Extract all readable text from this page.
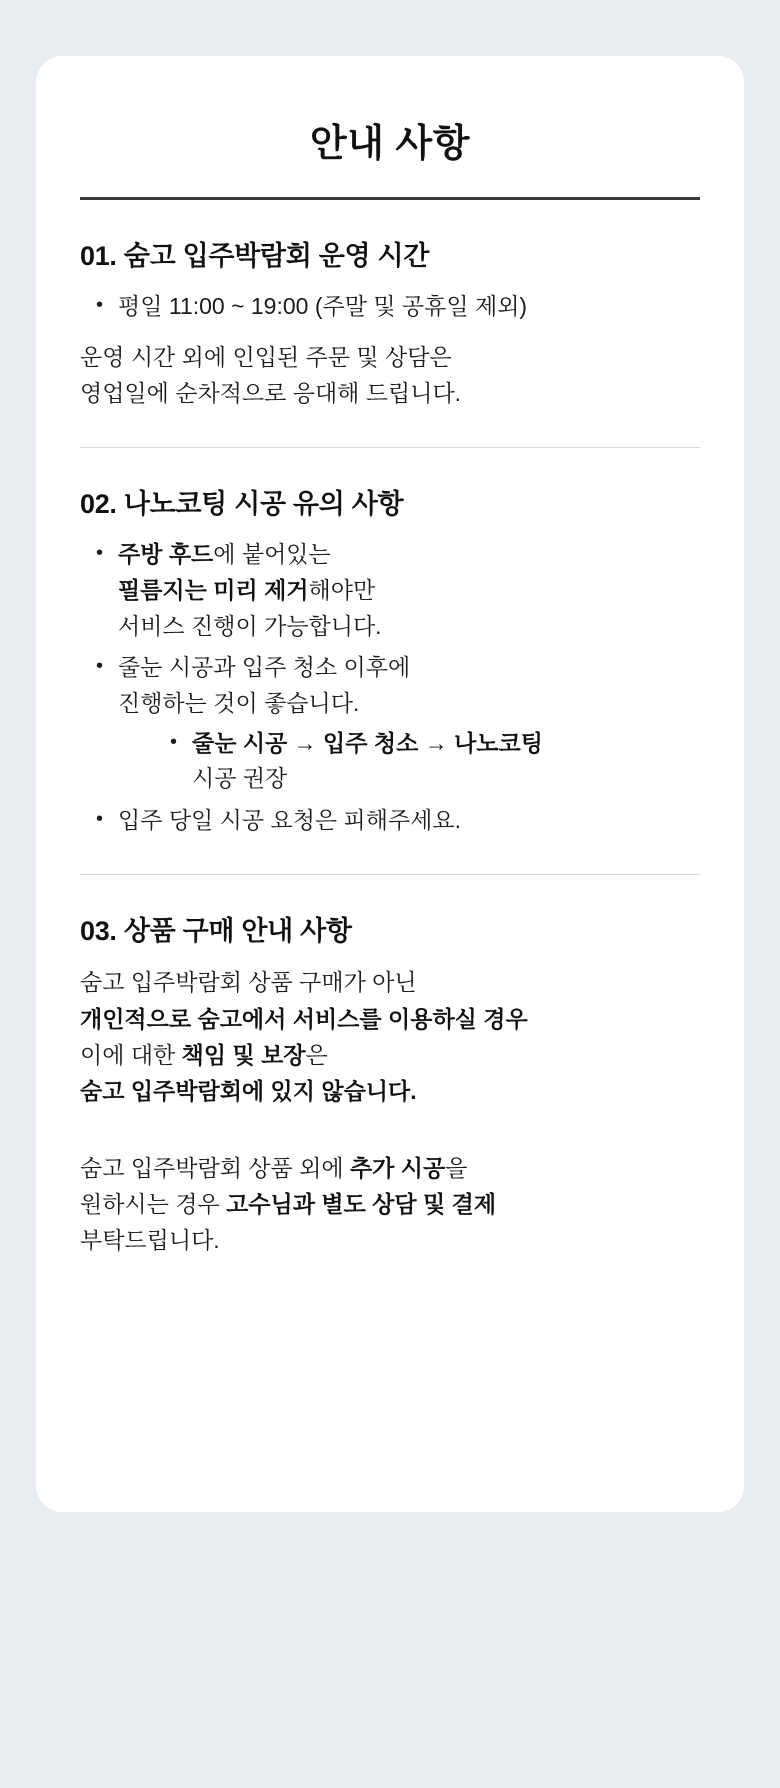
안내 사항
01. 숨고 입주박람회 운영 시간
• 평일 11:00 ~ 19:00 (주말 및 공휴일 제외)

운영 시간 외에 인입된 주문 및 상담은
영업일에 순차적으로 응대해 드립니다.

02. 나노코팅 시공 유의 사항
• 주방 후드에 붙어있는
필름지는 미리 제거해야만
서비스 진행이 가능합니다.
• 줄눈 시공과 입주 청소 이후에
진행하는 것이 좋습니다.
• 줄눈 시공 → 입주 청소 → 나노코팅
시공 권장
• 입주 당일 시공 요청은 피해주세요.
03. 상품 구매 안내 사항

숨고 입주박람회 상품 구매가 아닌
개인적으로 숨고에서 서비스를 이용하실 경우
이에 대한 책임 및 보장은
숨고 입주박람회에 있지 않습니다.

숨고 입주박람회 상품 외에 추가 시공을
원하시는 경우 고수님과 별도 상담 및 결제
부탁드립니다.
